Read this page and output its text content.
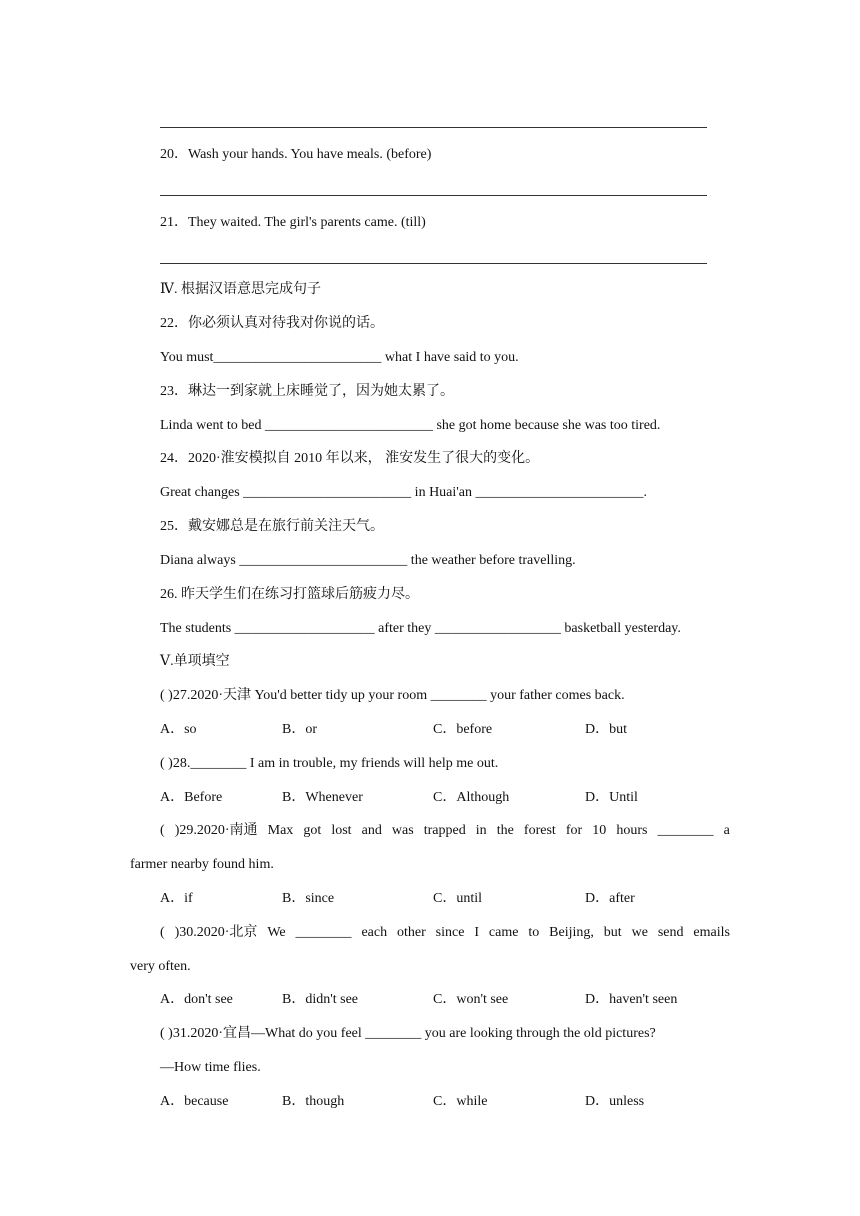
20．Wash your hands. You have meals. (before)
21．They waited. The girl's parents came. (till)
Ⅳ. 根据汉语意思完成句子
22．你必须认真对待我对你说的话。
You must________________________ what I have said to you.
23．琳达一到家就上床睡觉了，因为她太累了。
Linda went to bed ________________________ she got home because she was too tired.
24．2020·淮安模拟自 2010 年以来， 淮安发生了很大的变化。
Great changes ________________________ in Huai'an ________________________.
25．戴安娜总是在旅行前关注天气。
Diana always ________________________ the weather before travelling.
26. 昨天学生们在练习打篮球后筋疲力尽。
The students ____________________ after they __________________ basketball yesterday.
Ⅴ.单项填空
( )27.2020·天津 You'd better tidy up your room ________ your father comes back.
A．so	B．or	C．before	D．but
( )28.________ I am in trouble, my friends will help me out.
A．Before	B．Whenever	C．Although	D．Until
( )29.2020·南通 Max got lost and was trapped in the forest for 10 hours ________ a
farmer nearby found him.
A．if	B．since	C．until	D．after
( )30.2020·北京 We ________ each other since I came to Beijing, but we send emails
very often.
A．don't see	B．didn't see	C．won't see	D．haven't seen
( )31.2020·宜昌—What do you feel ________ you are looking through the old pictures?
—How time flies.
A．because	B．though	C．while	D．unless
